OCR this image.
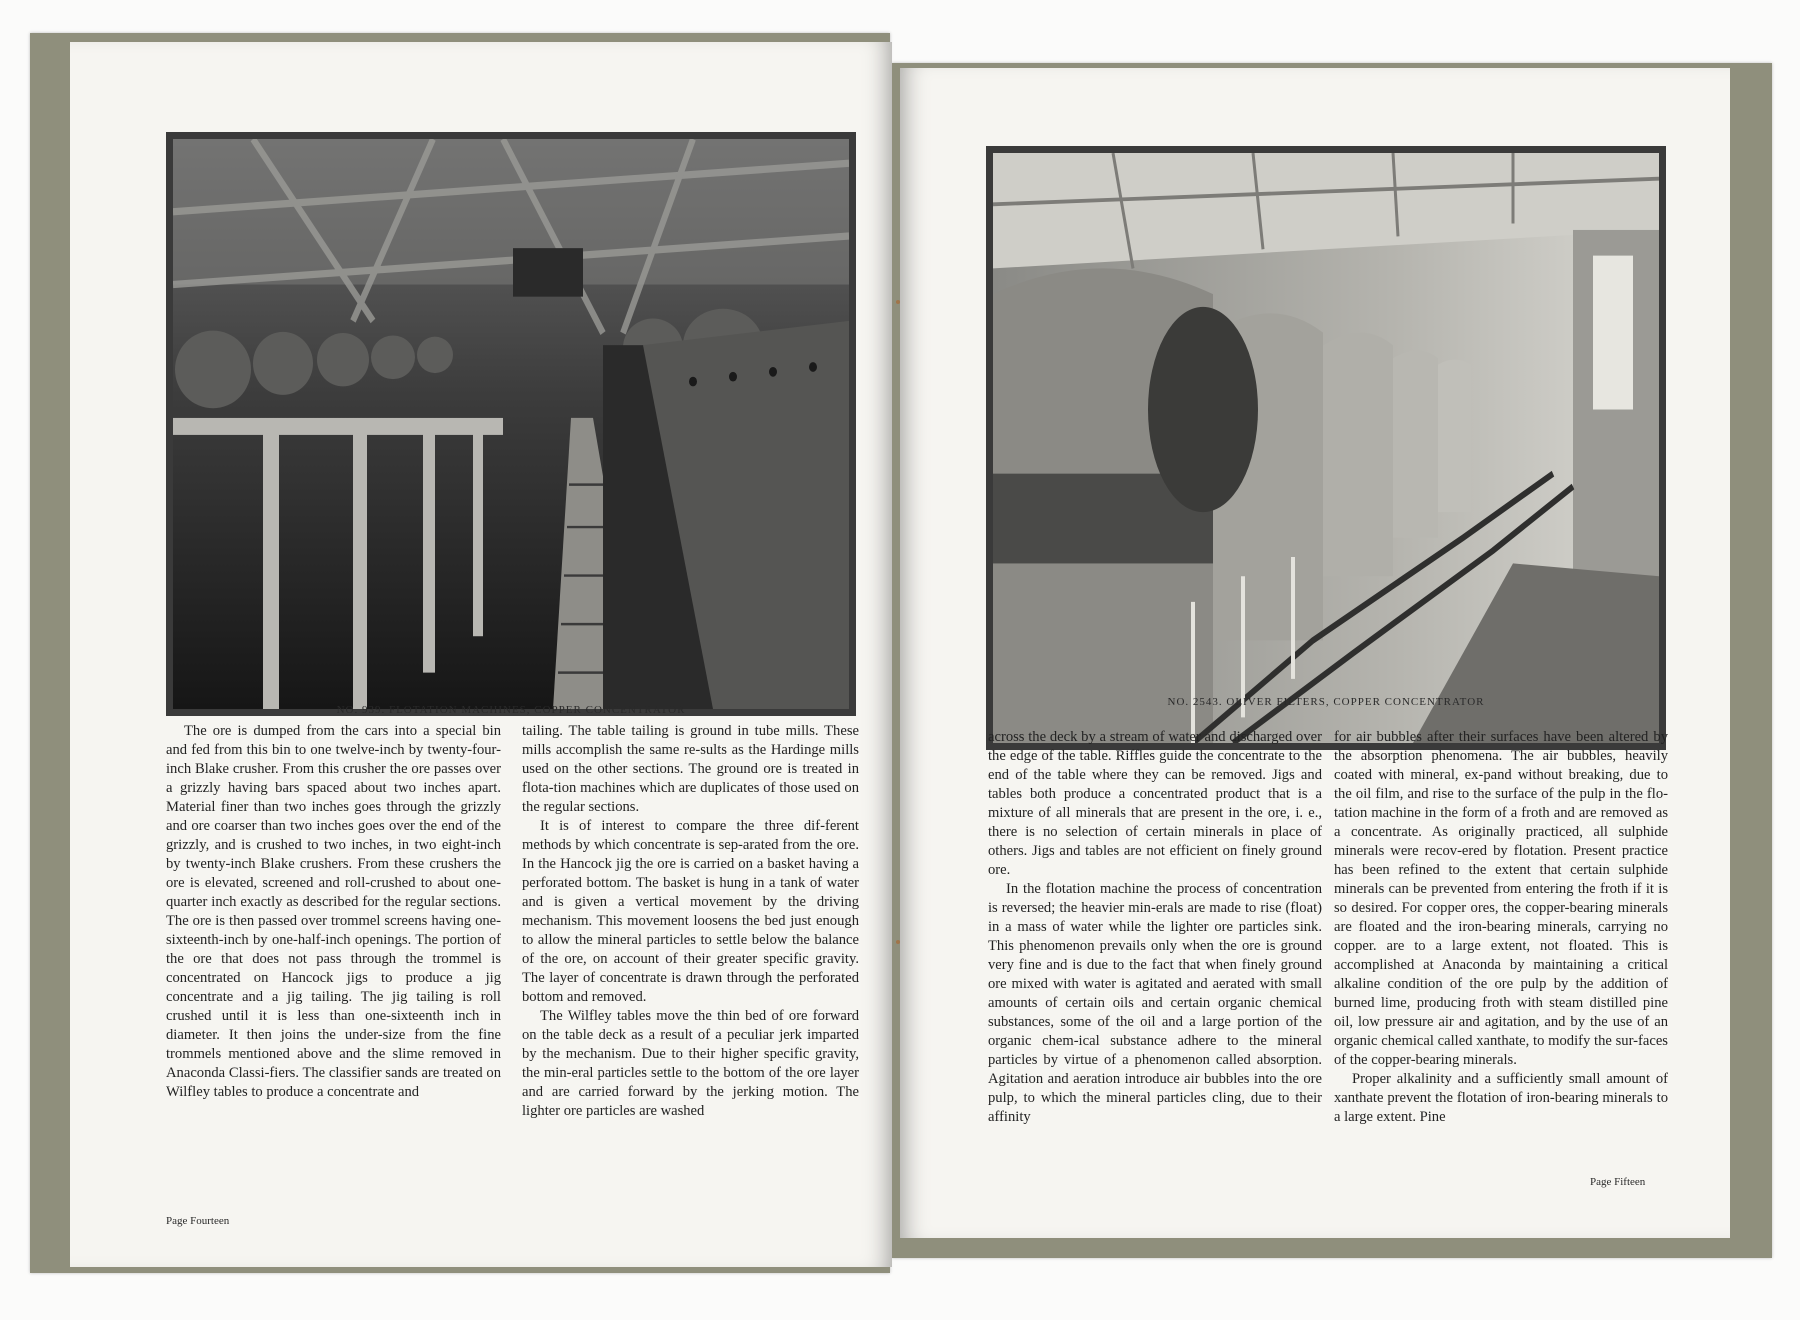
NO. 939. FLOTATION MACHINES, COPPER CONCENTRATOR

The ore is dumped from the cars into a special bin and fed from this bin to one twelve-inch by twenty-four-inch Blake crusher. From this crusher the ore passes over a grizzly having bars spaced about two inches apart. Material finer than two inches goes through the grizzly and ore coarser than two inches goes over the end of the grizzly, and is crushed to two inches, in two eight-inch by twenty-inch Blake crushers. From these crushers the ore is elevated, screened and roll-crushed to about one-quarter inch exactly as described for the regular sections. The ore is then passed over trommel screens having one-sixteenth-inch by one-half-inch openings. The portion of the ore that does not pass through the trommel is concentrated on Hancock jigs to produce a jig concentrate and a jig tailing. The jig tailing is roll crushed until it is less than one-sixteenth inch in diameter. It then joins the under-size from the fine trommels mentioned above and the slime removed in Anaconda Classi-fiers. The classifier sands are treated on Wilfley tables to produce a concentrate and

tailing. The table tailing is ground in tube mills. These mills accomplish the same re-sults as the Hardinge mills used on the other sections. The ground ore is treated in flota-tion machines which are duplicates of those used on the regular sections.

It is of interest to compare the three dif-ferent methods by which concentrate is sep-arated from the ore. In the Hancock jig the ore is carried on a basket having a perforated bottom. The basket is hung in a tank of water and is given a vertical movement by the driving mechanism. This movement loosens the bed just enough to allow the mineral particles to settle below the balance of the ore, on account of their greater specific gravity. The layer of concentrate is drawn through the perforated bottom and removed.

The Wilfley tables move the thin bed of ore forward on the table deck as a result of a peculiar jerk imparted by the mechanism. Due to their higher specific gravity, the min-eral particles settle to the bottom of the ore layer and are carried forward by the jerking motion. The lighter ore particles are washed

Page Fourteen
NO. 2543. OLIVER FILTERS, COPPER CONCENTRATOR

across the deck by a stream of water and discharged over the edge of the table. Riffles guide the concentrate to the end of the table where they can be removed. Jigs and tables both produce a concentrated product that is a mixture of all minerals that are present in the ore, i. e., there is no selection of certain minerals in place of others. Jigs and tables are not efficient on finely ground ore.

In the flotation machine the process of concentration is reversed; the heavier min-erals are made to rise (float) in a mass of water while the lighter ore particles sink. This phenomenon prevails only when the ore is ground very fine and is due to the fact that when finely ground ore mixed with water is agitated and aerated with small amounts of certain oils and certain organic chemical substances, some of the oil and a large portion of the organic chem-ical substance adhere to the mineral particles by virtue of a phenomenon called absorption. Agitation and aeration introduce air bubbles into the ore pulp, to which the mineral particles cling, due to their affinity

for air bubbles after their surfaces have been altered by the absorption phenomena. The air bubbles, heavily coated with mineral, ex-pand without breaking, due to the oil film, and rise to the surface of the pulp in the flo-tation machine in the form of a froth and are removed as a concentrate. As originally practiced, all sulphide minerals were recov-ered by flotation. Present practice has been refined to the extent that certain sulphide minerals can be prevented from entering the froth if it is so desired. For copper ores, the copper-bearing minerals are floated and the iron-bearing minerals, carrying no copper. are to a large extent, not floated. This is accomplished at Anaconda by maintaining a critical alkaline condition of the ore pulp by the addition of burned lime, producing froth with steam distilled pine oil, low pressure air and agitation, and by the use of an organic chemical called xanthate, to modify the sur-faces of the copper-bearing minerals.

Proper alkalinity and a sufficiently small amount of xanthate prevent the flotation of iron-bearing minerals to a large extent. Pine

Page Fifteen
